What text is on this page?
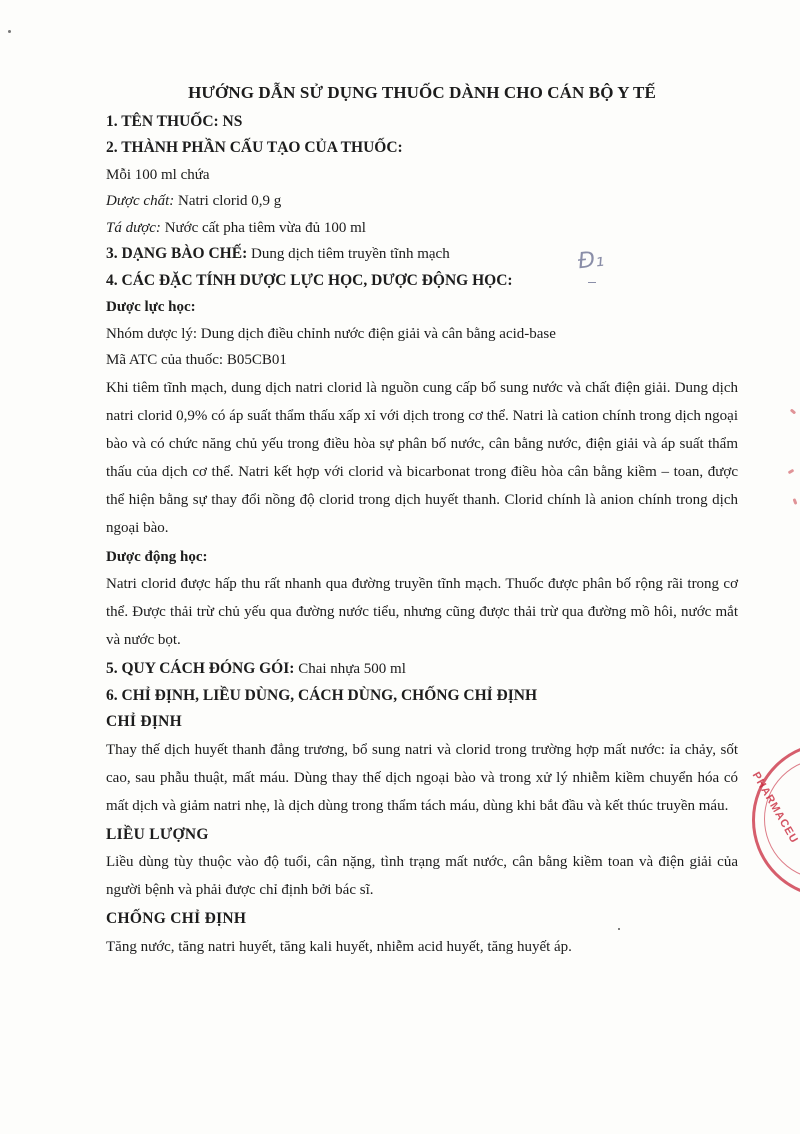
HƯỚNG DẪN SỬ DỤNG THUỐC DÀNH CHO CÁN BỘ Y TẾ
1. TÊN THUỐC: NS
2. THÀNH PHẦN CẤU TẠO CỦA THUỐC:
Mỗi 100 ml chứa
Dược chất: Natri clorid 0,9 g
Tá dược: Nước cất pha tiêm vừa đủ 100 ml
3. DẠNG BÀO CHẾ: Dung dịch tiêm truyền tĩnh mạch
4. CÁC ĐẶC TÍNH DƯỢC LỰC HỌC, DƯỢC ĐỘNG HỌC:
Dược lực học:
Nhóm dược lý: Dung dịch điều chỉnh nước điện giải và cân bằng acid-base
Mã ATC của thuốc: B05CB01

Khi tiêm tĩnh mạch, dung dịch natri clorid là nguồn cung cấp bổ sung nước và chất điện giải. Dung dịch natri clorid 0,9% có áp suất thẩm thấu xấp xỉ với dịch trong cơ thể. Natri là cation chính trong dịch ngoại bào và có chức năng chủ yếu trong điều hòa sự phân bố nước, cân bằng nước, điện giải và áp suất thẩm thấu của dịch cơ thể. Natri kết hợp với clorid và bicarbonat trong điều hòa cân bằng kiềm – toan, được thể hiện bằng sự thay đổi nồng độ clorid trong dịch huyết thanh. Clorid chính là anion chính trong dịch ngoại bào.

Dược động học:

Natri clorid được hấp thu rất nhanh qua đường truyền tĩnh mạch. Thuốc được phân bố rộng rãi trong cơ thể. Được thải trừ chủ yếu qua đường nước tiểu, nhưng cũng được thải trừ qua đường mồ hôi, nước mắt và nước bọt.

5. QUY CÁCH ĐÓNG GÓI: Chai nhựa 500 ml
6. CHỈ ĐỊNH, LIỀU DÙNG, CÁCH DÙNG, CHỐNG CHỈ ĐỊNH
CHỈ ĐỊNH

Thay thế dịch huyết thanh đẳng trương, bổ sung natri và clorid trong trường hợp mất nước: ỉa chảy, sốt cao, sau phẫu thuật, mất máu. Dùng thay thế dịch ngoại bào và trong xử lý nhiễm kiềm chuyển hóa có mất dịch và giảm natri nhẹ, là dịch dùng trong thẩm tách máu, dùng khi bắt đầu và kết thúc truyền máu.

LIỀU LƯỢNG

Liều dùng tùy thuộc vào độ tuổi, cân nặng, tình trạng mất nước, cân bằng kiềm toan và điện giải của người bệnh và phải được chỉ định bởi bác sĩ.

CHỐNG CHỈ ĐỊNH

Tăng nước, tăng natri huyết, tăng kali huyết, nhiễm acid huyết, tăng huyết áp.

Đ₁
PHARMACEU
